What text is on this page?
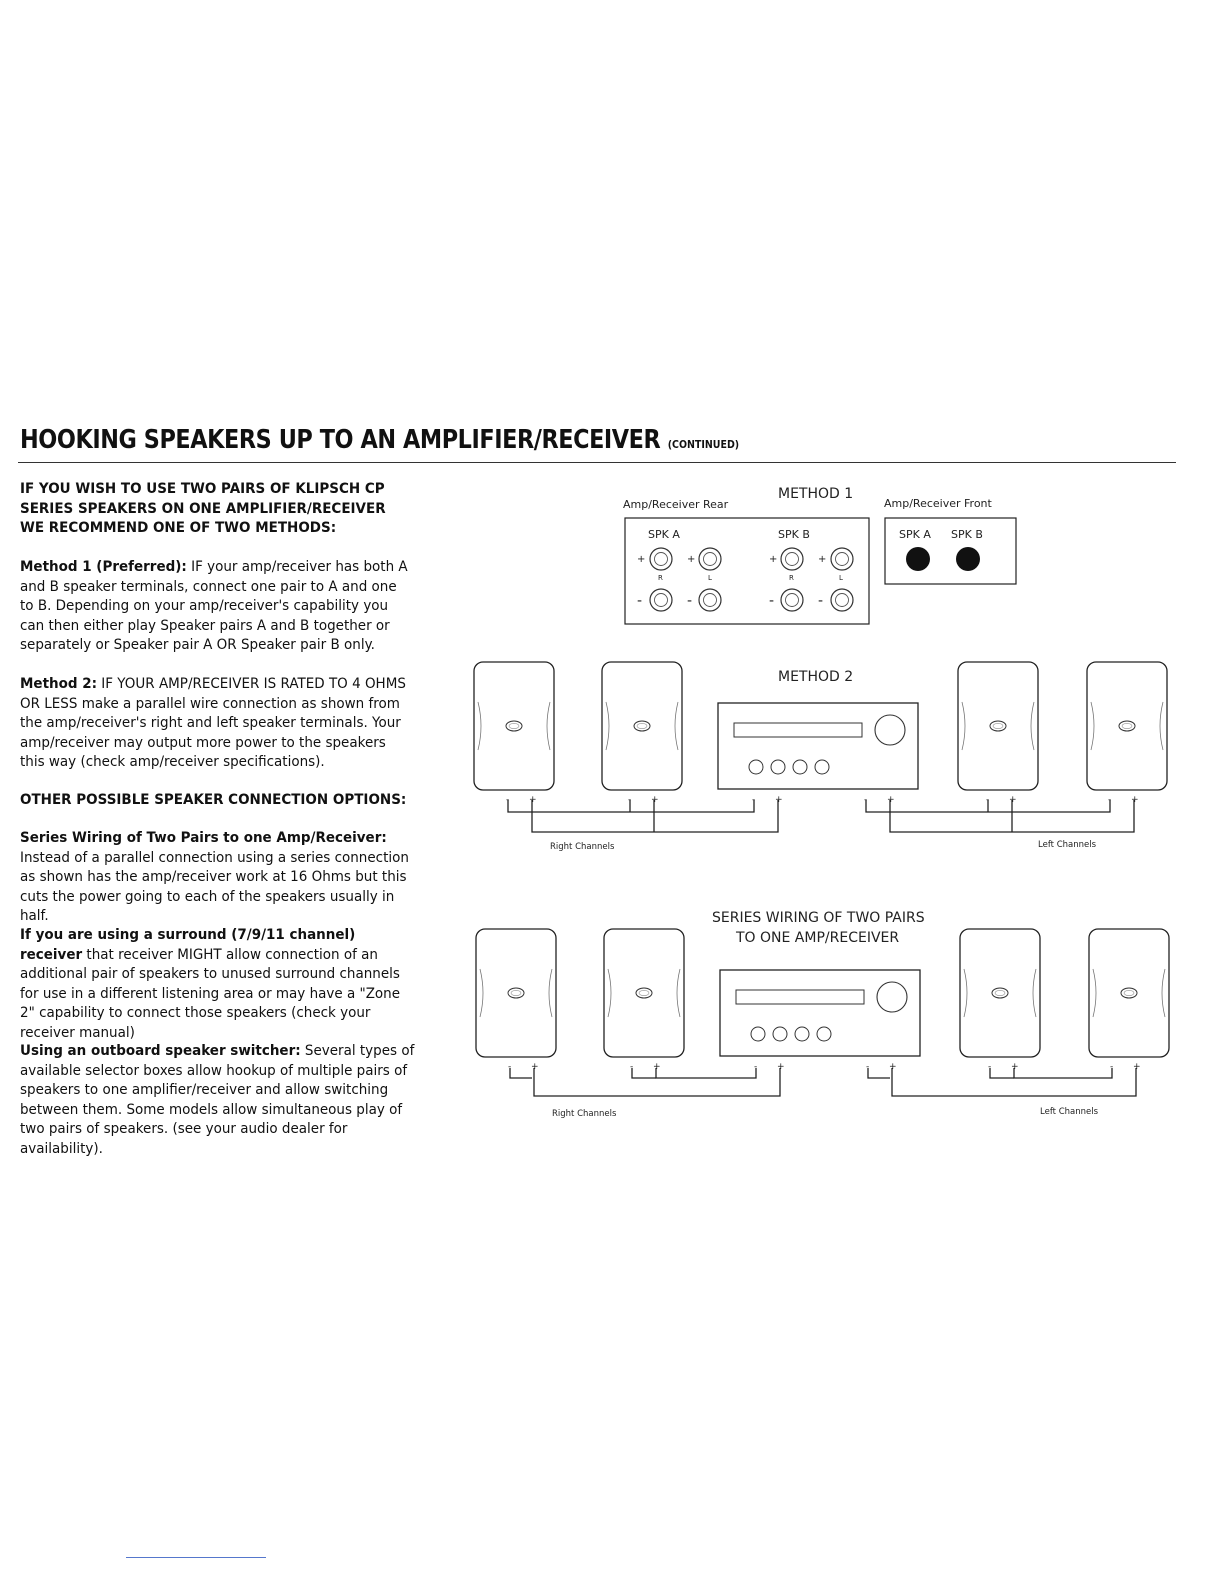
HOOKING SPEAKERS UP TO AN AMPLIFIER/RECEIVER (CONTINUED)

IF YOU WISH TO USE TWO PAIRS OF KLIPSCH CP

SERIES SPEAKERS ON ONE AMPLIFIER/RECEIVER

WE RECOMMEND ONE OF TWO METHODS:

Method 1 (Preferred): IF your amp/receiver has both A and B speaker terminals, connect one pair to A and one to B. Depending on your amp/receiver's capability you can then either play Speaker pairs A and B together or separately or Speaker pair A OR Speaker pair B only.

Method 2: IF YOUR AMP/RECEIVER IS RATED TO 4 OHMS OR LESS make a parallel wire connection as shown from the amp/receiver's right and left speaker terminals. Your amp/receiver may output more power to the speakers this way (check amp/receiver specifications).

OTHER POSSIBLE SPEAKER CONNECTION OPTIONS:

Series Wiring of Two Pairs to one Amp/Receiver: Instead of a parallel connection using a series connection as shown has the amp/receiver work at 16 Ohms but this cuts the power going to each of the speakers usually in half.

If you are using a surround (7/9/11 channel) receiver that receiver MIGHT allow connection of an additional pair of speakers to unused surround channels for use in a different listening area or may have a "Zone 2" capability to connect those speakers (check your receiver manual)

Using an outboard speaker switcher: Several types of available selector boxes allow hookup of multiple pairs of speakers to one amplifier/receiver and allow switching between them. Some models allow simultaneous play of two pairs of speakers. (see your audio dealer for availability).

METHOD 1
Amp/Receiver Rear	Amp/Receiver Front
SPK A	SPK B
+	+
R	L
-	-
+	+
R	L
-	-
SPK A SPK B
METHOD 2
- +	- +	- +	- +	- +	- +
Right Channels	Left Channels
SERIES WIRING OF TWO PAIRS
TO ONE AMP/RECEIVER
- +	- +	- +	- +	- +	- +
Right Channels	Left Channels
